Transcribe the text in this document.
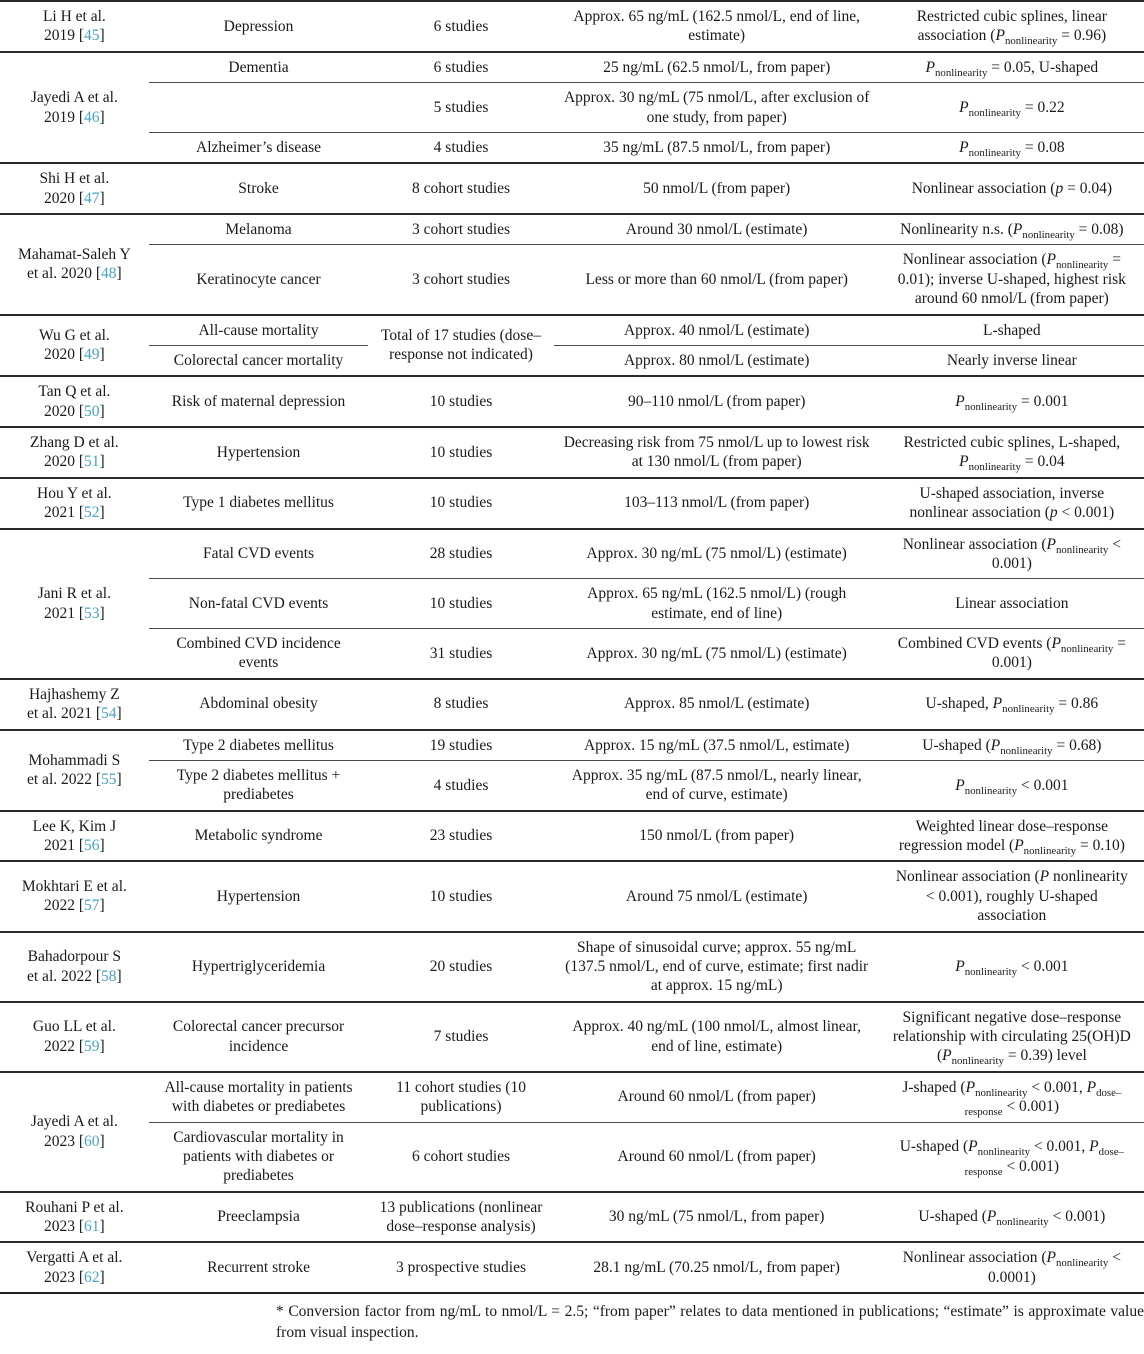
Li H et al.
2019 [45]	Depression	6 studies	Approx. 65 ng/mL (162.5 nmol/L, end of line, estimate)	Restricted cubic splines, linear association $(P_{nonlinearity} = 0.96)$
Jayedi A et al.
2019 [46]	Dementia	6 studies	25 ng/mL (62.5 nmol/L, from paper)	$P_{nonlinearity} = 0.05$, U-shaped
		5 studies	Approx. 30 ng/mL (75 nmol/L, after exclusion of one study, from paper)	$P_{nonlinearity} = 0.22$
	Alzheimer’s disease	4 studies	35 ng/mL (87.5 nmol/L, from paper)	$P_{nonlinearity} = 0.08$
Shi H et al.
2020 [47]	Stroke	8 cohort studies	50 nmol/L (from paper)	Nonlinear association (p = 0.04)
Mahamat-Saleh Y
et al. 2020 [48]	Melanoma	3 cohort studies	Around 30 nmol/L (estimate)	Nonlinearity n.s. $(P_{nonlinearity} = 0.08)$
	Keratinocyte cancer	3 cohort studies	Less or more than 60 nmol/L (from paper)	Nonlinear association $(P_{nonlinearity} = 0.01)$; inverse U-shaped, highest risk around 60 nmol/L (from paper)
Wu G et al.
2020 [49]	All-cause mortality	Total of 17 studies (dose–response not indicated)	Approx. 40 nmol/L (estimate)	L-shaped
	Colorectal cancer mortality		Approx. 80 nmol/L (estimate)	Nearly inverse linear
Tan Q et al.
2020 [50]	Risk of maternal depression	10 studies	90–110 nmol/L (from paper)	$P_{nonlinearity} = 0.001$
Zhang D et al.
2020 [51]	Hypertension	10 studies	Decreasing risk from 75 nmol/L up to lowest risk at 130 nmol/L (from paper)	Restricted cubic splines, L-shaped, $P_{nonlinearity} = 0.04$
Hou Y et al.
2021 [52]	Type 1 diabetes mellitus	10 studies	103–113 nmol/L (from paper)	U-shaped association, inverse nonlinear association (p < 0.001)
Jani R et al.
2021 [53]	Fatal CVD events	28 studies	Approx. 30 ng/mL (75 nmol/L) (estimate)	Nonlinear association $(P_{nonlinearity} < 0.001)$
	Non-fatal CVD events	10 studies	Approx. 65 ng/mL (162.5 nmol/L) (rough estimate, end of line)	Linear association
	Combined CVD incidence events	31 studies	Approx. 30 ng/mL (75 nmol/L) (estimate)	Combined CVD events $(P_{nonlinearity} = 0.001)$
Hajhashemy Z
et al. 2021 [54]	Abdominal obesity	8 studies	Approx. 85 nmol/L (estimate)	U-shaped, $P_{nonlinearity} = 0.86$
Mohammadi S
et al. 2022 [55]	Type 2 diabetes mellitus	19 studies	Approx. 15 ng/mL (37.5 nmol/L, estimate)	U-shaped $(P_{nonlinearity} = 0.68)$
	Type 2 diabetes mellitus + prediabetes	4 studies	Approx. 35 ng/mL (87.5 nmol/L, nearly linear, end of curve, estimate)	$P_{nonlinearity} < 0.001$
Lee K, Kim J
2021 [56]	Metabolic syndrome	23 studies	150 nmol/L (from paper)	Weighted linear dose–response regression model $(P_{nonlinearity} = 0.10)$
Mokhtari E et al.
2022 [57]	Hypertension	10 studies	Around 75 nmol/L (estimate)	Nonlinear association (P nonlinearity < 0.001), roughly U-shaped association
Bahadorpour S
et al. 2022 [58]	Hypertriglyceridemia	20 studies	Shape of sinusoidal curve; approx. 55 ng/mL (137.5 nmol/L, end of curve, estimate; first nadir at approx. 15 ng/mL)	$P_{nonlinearity} < 0.001$
Guo LL et al.
2022 [59]	Colorectal cancer precursor incidence	7 studies	Approx. 40 ng/mL (100 nmol/L, almost linear, end of line, estimate)	Significant negative dose–response relationship with circulating 25(OH)D $(P_{nonlinearity} = 0.39)$ level
Jayedi A et al.
2023 [60]	All-cause mortality in patients with diabetes or prediabetes	11 cohort studies (10 publications)	Around 60 nmol/L (from paper)	J-shaped ($P_{nonlinearity} < 0.001$, $P_{dose-response} < 0.001$)
	Cardiovascular mortality in patients with diabetes or prediabetes	6 cohort studies	Around 60 nmol/L (from paper)	U-shaped ($P_{nonlinearity} < 0.001$, $P_{dose-response} < 0.001$)
Rouhani P et al.
2023 [61]	Preeclampsia	13 publications (nonlinear dose–response analysis)	30 ng/mL (75 nmol/L, from paper)	U-shaped $(P_{nonlinearity} < 0.001)$
Vergatti A et al.
2023 [62]	Recurrent stroke	3 prospective studies	28.1 ng/mL (70.25 nmol/L, from paper)	Nonlinear association $(P_{nonlinearity} < 0.0001)$
* Conversion factor from ng/mL to nmol/L = 2.5; “from paper” relates to data mentioned in publications; “estimate” is approximate value from visual inspection.
